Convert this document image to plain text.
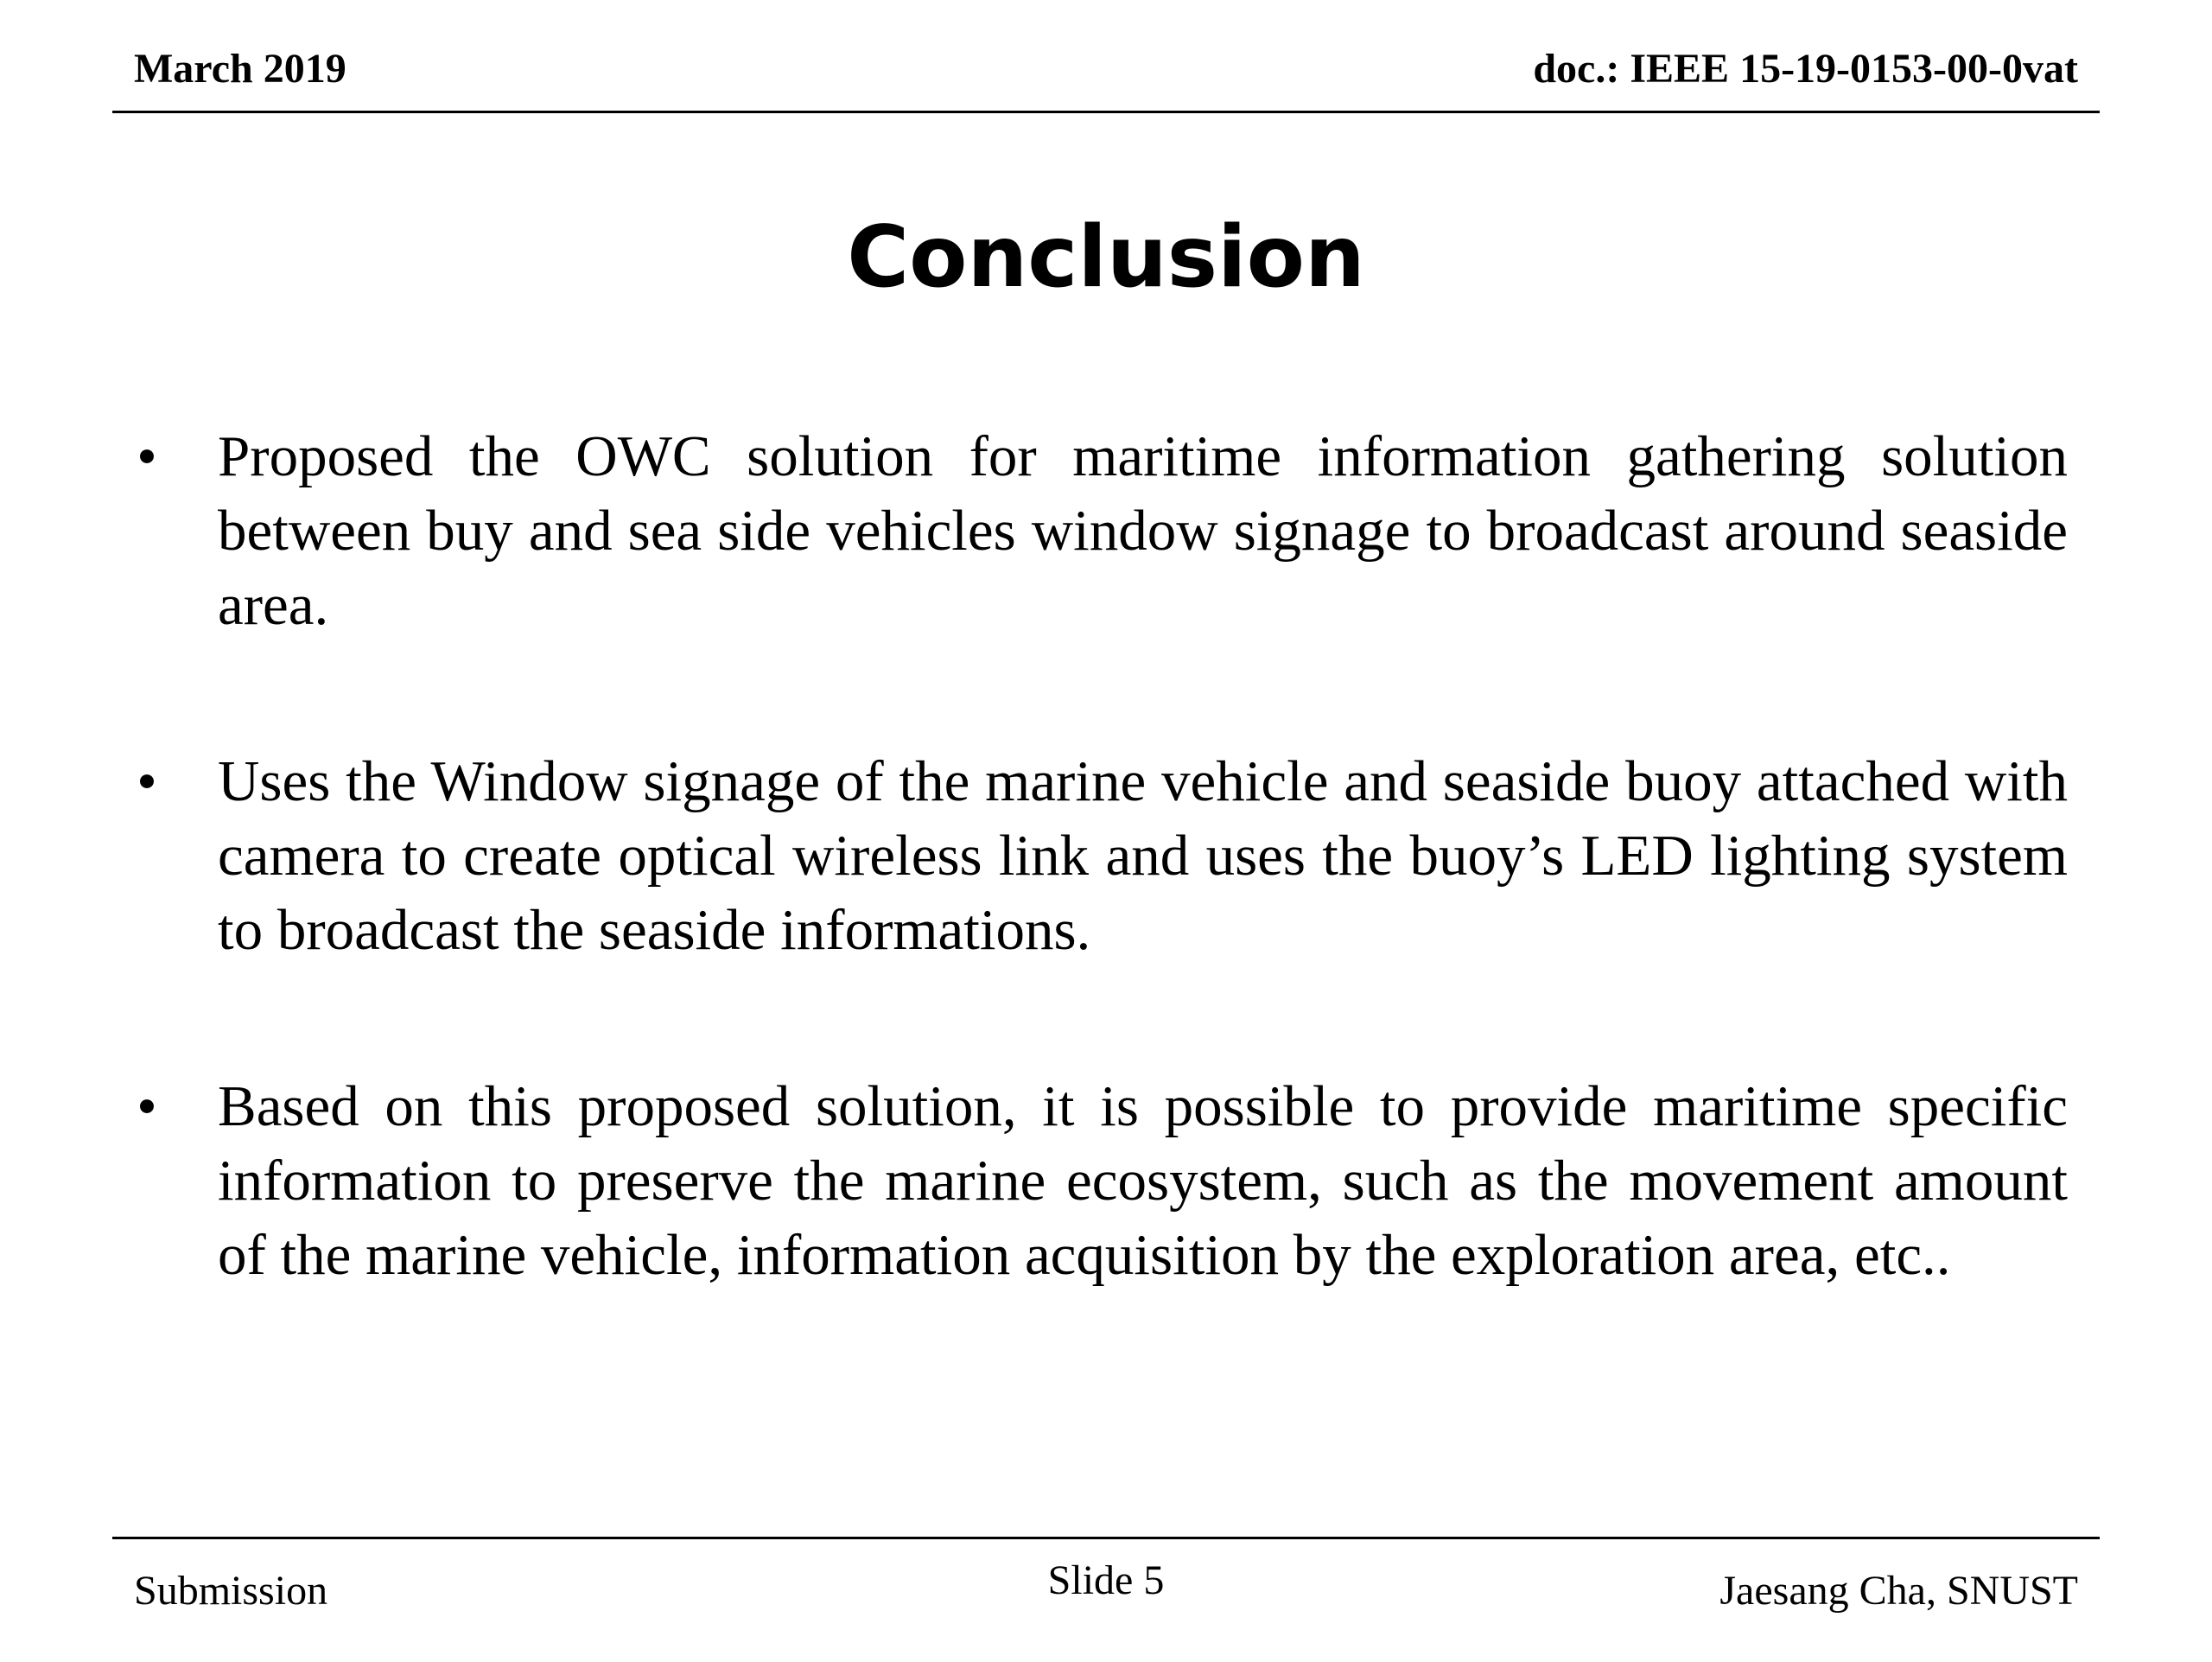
March 2019	doc.: IEEE 15-19-0153-00-0vat
Conclusion
• Proposed the OWC solution for maritime information gathering solution between buy and sea side vehicles window signage to broadcast around seaside area.
• Uses the Window signage of the marine vehicle and seaside buoy attached with camera to create optical wireless link and uses the buoy’s LED lighting system to broadcast the seaside informations.
• Based on this proposed solution, it is possible to provide maritime specific information to preserve the marine ecosystem, such as the movement amount of the marine vehicle, information acquisition by the exploration area, etc..
Submission	Slide 5	Jaesang Cha, SNUST
